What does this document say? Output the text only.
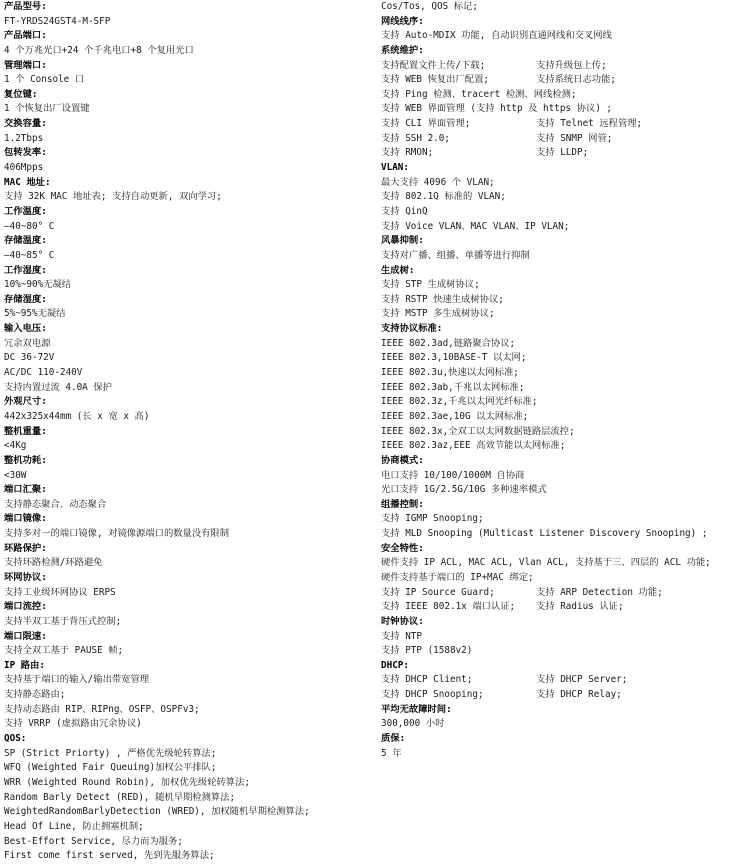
产品型号:
FT-YRDS24GST4-M-SFP
产品端口:
4 个万兆光口+24 个千兆电口+8 个复用光口
管理端口:
1 个 Console 口
复位键:
1 个恢复出厂设置键
交换容量:
1.2Tbps
包转发率:
406Mpps
MAC 地址:
支持 32K MAC 地址表; 支持自动更新, 双向学习;
工作温度:
—40~80° C
存储温度:
—40~85° C
工作湿度:
10%~90%无凝结
存储湿度:
5%~95%无凝结
输入电压:
冗余双电源
DC 36-72V
AC/DC 110-240V
支持内置过流 4.0A 保护
外观尺寸:
442x325x44mm (长 x 宽 x 高)
整机重量:
<4Kg
整机功耗:
<30W
端口汇聚:
支持静态聚合、动态聚合
端口镜像:
支持多对一的端口镜像, 对镜像源端口的数量没有限制
环路保护:
支持环路检测/环路避免
环网协议:
支持工业级环网协议 ERPS
端口流控:
支持半双工基于背压式控制;
端口限速:
支持全双工基于 PAUSE 帧;
IP 路由:
支持基于端口的输入/输出带宽管理
支持静态路由;
支持动态路由 RIP、RIPng、OSFP、OSPFv3;
支持 VRRP (虚拟路由冗余协议)
QOS:
SP (Strict Priorty) , 严格优先级轮转算法;
WFQ (Weighted Fair Queuing)加权公平排队;
WRR (Weighted Round Robin), 加权优先级轮转算法;
Random Barly Detect (RED), 随机早期检测算法;
WeightedRandomBarlyDetection (WRED), 加权随机早期检测算法;
Head Of Line, 防止拥塞机制;
Best-Effort Service, 尽力而为服务;
First come first served, 先到先服务算法;
Cos/Tos, QOS 标记;
网线线序:
支持 Auto-MDIX 功能, 自动识别直通网线和交叉网线
系统维护:
支持配置文件上传/下载;	支持升级包上传;
支持 WEB 恢复出厂配置;	支持系统日志功能;
支持 Ping 检测、tracert 检测、网线检测;
支持 WEB 界面管理 (支持 http 及 https 协议) ;
支持 CLI 界面管理;	支持 Telnet 远程管理;
支持 SSH 2.0;	支持 SNMP 网管;
支持 RMON;	支持 LLDP;
VLAN:
最大支持 4096 个 VLAN;
支持 802.1Q 标准的 VLAN;
支持 QinQ
支持 Voice VLAN、MAC VLAN、IP VLAN;
风暴抑制:
支持对广播、组播、单播等进行抑制
生成树:
支持 STP 生成树协议;
支持 RSTP 快速生成树协议;
支持 MSTP 多生成树协议;
支持协议标准:
IEEE 802.3ad,链路聚合协议;
IEEE 802.3,10BASE-T 以太网;
IEEE 802.3u,快速以太网标准;
IEEE 802.3ab,千兆以太网标准;
IEEE 802.3z,千兆以太网光纤标准;
IEEE 802.3ae,10G 以太网标准;
IEEE 802.3x,全双工以太网数据链路层流控;
IEEE 802.3az,EEE 高效节能以太网标准;
协商模式:
电口支持 10/100/1000M 自协商
光口支持 1G/2.5G/10G 多种速率模式
组播控制:
支持 IGMP Snooping;
支持 MLD Snooping (Multicast Listener Discovery Snooping) ;
安全特性:
硬件支持 IP ACL, MAC ACL, Vlan ACL, 支持基于三、四层的 ACL 功能;
硬件支持基于端口的 IP+MAC 绑定;
支持 IP Source Guard;	支持 ARP Detection 功能;
支持 IEEE 802.1x 端口认证; 支持 Radius 认证;
时钟协议:
支持 NTP
支持 PTP (1588v2)
DHCP:
支持 DHCP Client;	支持 DHCP Server;
支持 DHCP Snooping;	支持 DHCP Relay;
平均无故障时间:
300,000 小时
质保:
5 年
